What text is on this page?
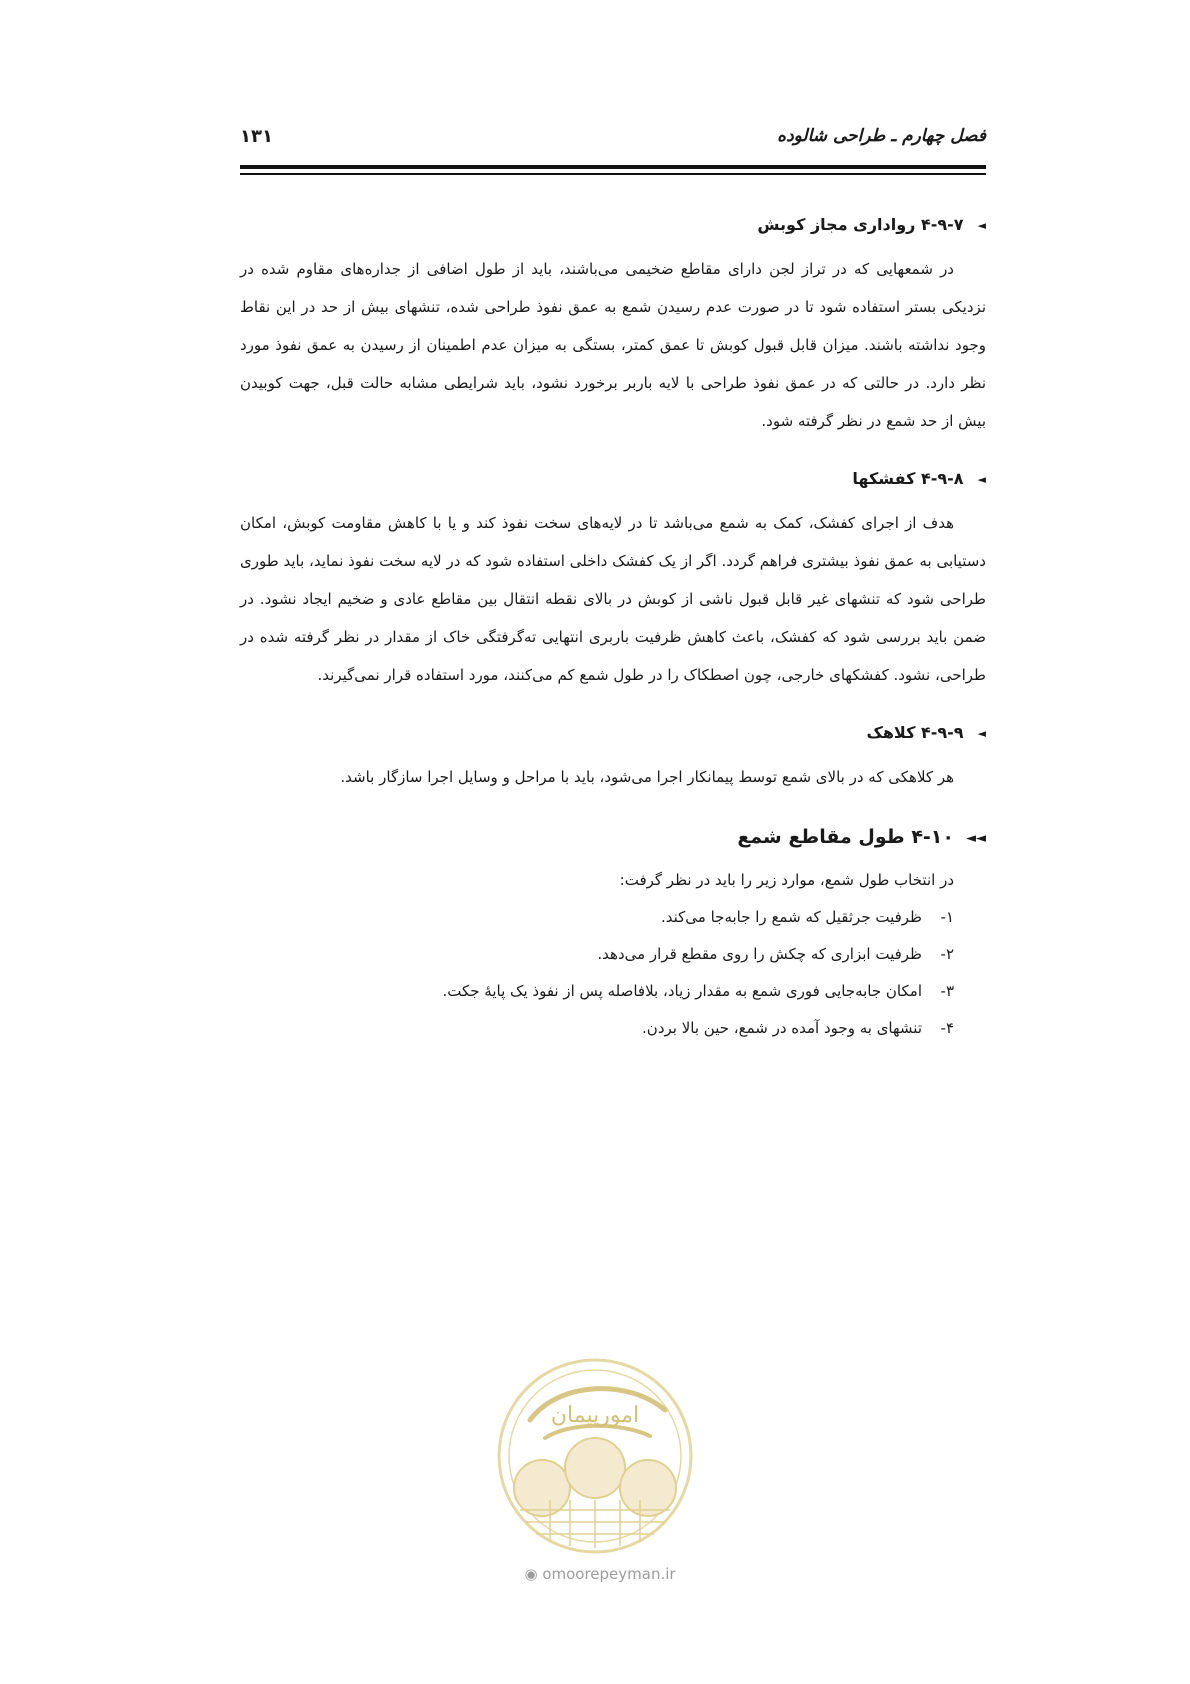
فصل چهارم ـ طراحی شالوده
۱۳۱
◄۴-۹-۷ رواداری مجاز کوبش

در شمعهایی که در تراز لجن دارای مقاطع ضخیمی می‌باشند، باید از طول اضافی از جداره‌های مقاوم شده در نزدیکی بستر استفاده شود تا در صورت عدم رسیدن شمع به عمق نفوذ طراحی شده، تنشهای بیش از حد در این نقاط وجود نداشته باشند. میزان قابل قبول کوبش تا عمق کمتر، بستگی به میزان عدم اطمینان از رسیدن به عمق نفوذ مورد نظر دارد. در حالتی که در عمق نفوذ طراحی با لایه باربر برخورد نشود، باید شرایطی مشابه حالت قبل، جهت کوبیدن بیش از حد شمع در نظر گرفته شود.

◄۴-۹-۸ کفشکها

هدف از اجرای کفشک، کمک به شمع می‌باشد تا در لایه‌های سخت نفوذ کند و یا با کاهش مقاومت کوبش، امکان دستیابی به عمق نفوذ بیشتری فراهم گردد. اگر از یک کفشک داخلی استفاده شود که در لایه سخت نفوذ نماید، باید طوری طراحی شود که تنشهای غیر قابل قبول ناشی از کوبش در بالای نقطه انتقال بین مقاطع عادی و ضخیم ایجاد نشود. در ضمن باید بررسی شود که کفشک، باعث کاهش ظرفیت باربری انتهایی ته‌گرفتگی خاک از مقدار در نظر گرفته شده در طراحی، نشود. کفشکهای خارجی، چون اصطکاک را در طول شمع کم می‌کنند، مورد استفاده قرار نمی‌گیرند.

◄۴-۹-۹ کلاهک

هر کلاهکی که در بالای شمع توسط پیمانکار اجرا می‌شود، باید با مراحل و وسایل اجرا سازگار باشد.

◄◄۴-۱۰ طول مقاطع شمع

در انتخاب طول شمع، موارد زیر را باید در نظر گرفت:

۱-ظرفیت جرثقیل که شمع را جابه‌جا می‌کند.
۲-ظرفیت ابزاری که چکش را روی مقطع قرار می‌دهد.
۳-امکان جابه‌جایی فوری شمع به مقدار زیاد، بلافاصله پس از نفوذ یک پایهٔ جکت.
۴-تنشهای به وجود آمده در شمع، حین بالا بردن.
امورپیمان
◉ omoorepeyman.ir
